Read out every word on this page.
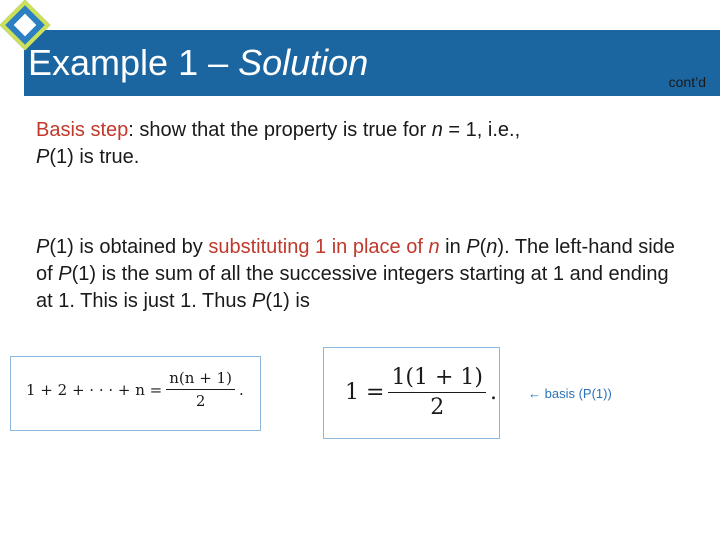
Example 1 – Solution	cont’d

Basis step: show that the property is true for n = 1, i.e.,
P(1) is true.

P(1) is obtained by substituting 1 in place of n in P(n). The left-hand side of P(1) is the sum of all the successive integers starting at 1 and ending at 1. This is just 1. Thus P(1) is

1 + 2 + · · · + $n = \frac{n(n + 1)}{2}$ .	$1 = \frac{1(1 + 1)}{2}$ . ← basis (P(1))
